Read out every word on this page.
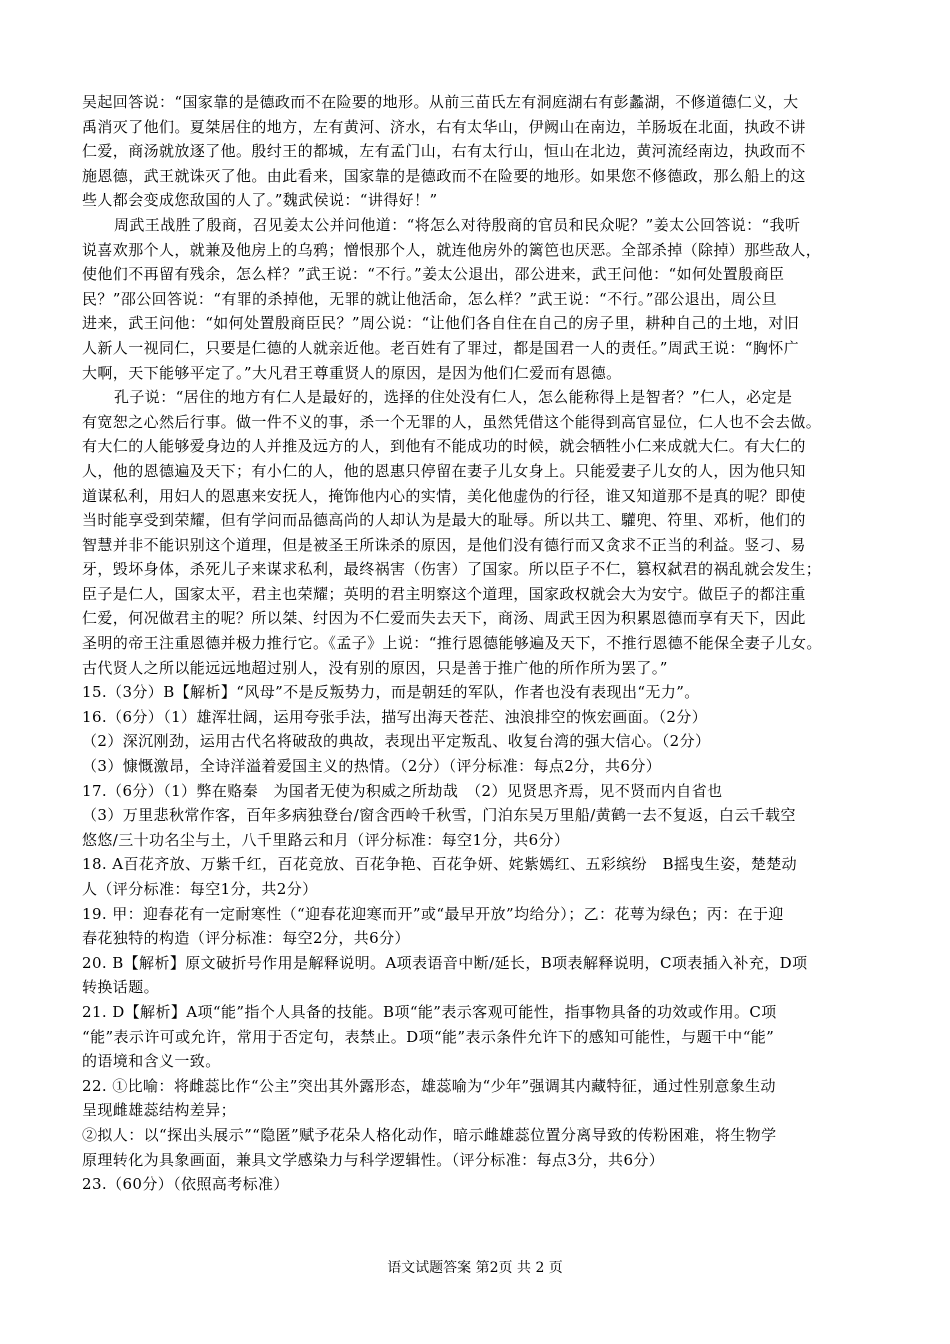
吴起回答说：“国家靠的是德政而不在险要的地形。从前三苗氏左有洞庭湖右有彭蠡湖，不修道德仁义，大
禹消灭了他们。夏桀居住的地方，左有黄河、济水，右有太华山，伊阙山在南边，羊肠坂在北面，执政不讲
仁爱，商汤就放逐了他。殷纣王的都城，左有孟门山，右有太行山，恒山在北边，黄河流经南边，执政而不
施恩德，武王就诛灭了他。由此看来，国家靠的是德政而不在险要的地形。如果您不修德政，那么船上的这
些人都会变成您敌国的人了。”魏武侯说：“讲得好！”
周武王战胜了殷商，召见姜太公并问他道：“将怎么对待殷商的官员和民众呢？”姜太公回答说：“我听
说喜欢那个人，就兼及他房上的乌鸦；憎恨那个人，就连他房外的篱笆也厌恶。全部杀掉（除掉）那些敌人，
使他们不再留有残余，怎么样？”武王说：“不行。”姜太公退出，邵公进来，武王问他：“如何处置殷商臣
民？”邵公回答说：“有罪的杀掉他，无罪的就让他活命，怎么样？”武王说：“不行。”邵公退出，周公旦
进来，武王问他：“如何处置殷商臣民？”周公说：“让他们各自住在自己的房子里，耕种自己的土地，对旧
人新人一视同仁，只要是仁德的人就亲近他。老百姓有了罪过，都是国君一人的责任。”周武王说：“胸怀广
大啊，天下能够平定了。”大凡君王尊重贤人的原因，是因为他们仁爱而有恩德。
孔子说：“居住的地方有仁人是最好的，选择的住处没有仁人，怎么能称得上是智者？”仁人，必定是
有宽恕之心然后行事。做一件不义的事，杀一个无罪的人，虽然凭借这个能得到高官显位，仁人也不会去做。
有大仁的人能够爱身边的人并推及远方的人，到他有不能成功的时候，就会牺牲小仁来成就大仁。有大仁的
人，他的恩德遍及天下；有小仁的人，他的恩惠只停留在妻子儿女身上。只能爱妻子儿女的人，因为他只知
道谋私利，用妇人的恩惠来安抚人，掩饰他内心的实情，美化他虚伪的行径，谁又知道那不是真的呢？即使
当时能享受到荣耀，但有学问而品德高尚的人却认为是最大的耻辱。所以共工、驩兜、符里、邓析，他们的
智慧并非不能识别这个道理，但是被圣王所诛杀的原因，是他们没有德行而又贪求不正当的利益。竖刁、易
牙，毁坏身体，杀死儿子来谋求私利，最终祸害（伤害）了国家。所以臣子不仁，篡权弑君的祸乱就会发生；
臣子是仁人，国家太平，君主也荣耀；英明的君主明察这个道理，国家政权就会大为安宁。做臣子的都注重
仁爱，何况做君主的呢？所以桀、纣因为不仁爱而失去天下，商汤、周武王因为积累恩德而享有天下，因此
圣明的帝王注重恩德并极力推行它。《孟子》上说：“推行恩德能够遍及天下，不推行恩德不能保全妻子儿女。
古代贤人之所以能远远地超过别人，没有别的原因，只是善于推广他的所作所为罢了。”
15.（3分）B【解析】“风母”不是反叛势力，而是朝廷的军队，作者也没有表现出“无力”。
16.（6分）（1）雄浑壮阔，运用夸张手法，描写出海天苍茫、浊浪排空的恢宏画面。（2分）
（2）深沉刚劲，运用古代名将破敌的典故，表现出平定叛乱、收复台湾的强大信心。（2分）
（3）慷慨激昂，全诗洋溢着爱国主义的热情。（2分）（评分标准：每点2分，共6分）
17.（6分）（1）弊在赂秦　为国者无使为积威之所劫哉　（2）见贤思齐焉，见不贤而内自省也
（3）万里悲秋常作客，百年多病独登台/窗含西岭千秋雪，门泊东吴万里船/黄鹤一去不复返，白云千载空
悠悠/三十功名尘与土，八千里路云和月（评分标准：每空1分，共6分）
18. A百花齐放、万紫千红，百花竞放、百花争艳、百花争妍、姹紫嫣红、五彩缤纷　B摇曳生姿，楚楚动
人（评分标准：每空1分，共2分）
19. 甲：迎春花有一定耐寒性（“迎春花迎寒而开”或“最早开放”均给分）；乙：花萼为绿色；丙：在于迎
春花独特的构造（评分标准：每空2分，共6分）
20. B【解析】原文破折号作用是解释说明。A项表语音中断/延长，B项表解释说明，C项表插入补充，D项
转换话题。
21. D【解析】A项“能”指个人具备的技能。B项“能”表示客观可能性，指事物具备的功效或作用。C项
“能”表示许可或允许，常用于否定句，表禁止。D项“能”表示条件允许下的感知可能性，与题干中“能”
的语境和含义一致。
22. ①比喻：将雌蕊比作“公主”突出其外露形态，雄蕊喻为“少年”强调其内藏特征，通过性别意象生动
呈现雌雄蕊结构差异；
②拟人：以“探出头展示”“隐匿”赋予花朵人格化动作，暗示雌雄蕊位置分离导致的传粉困难，将生物学
原理转化为具象画面，兼具文学感染力与科学逻辑性。（评分标准：每点3分，共6分）
23.（60分）（依照高考标准）
语文试题答案 第2页 共 2 页
